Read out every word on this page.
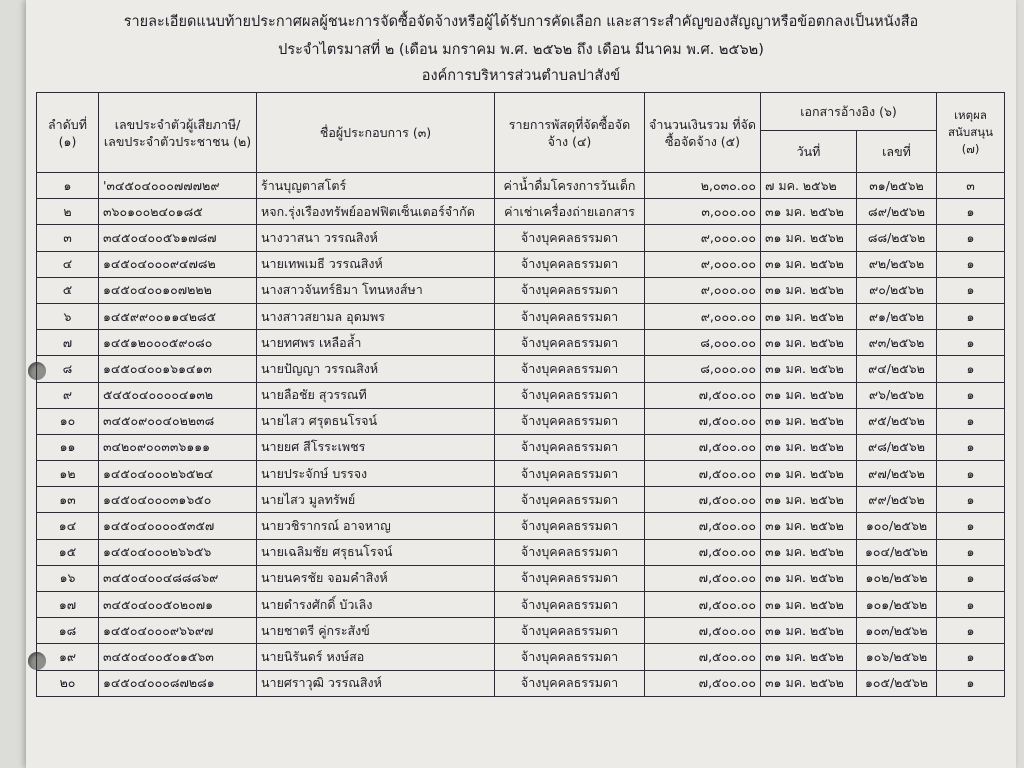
รายละเอียดแนบท้ายประกาศผลผู้ชนะการจัดซื้อจัดจ้างหรือผู้ได้รับการคัดเลือก และสาระสำคัญของสัญญาหรือข้อตกลงเป็นหนังสือ
ประจำไตรมาสที่ ๒ (เดือน มกราคม พ.ศ. ๒๕๖๒ ถึง เดือน มีนาคม พ.ศ. ๒๕๖๒)
องค์การบริหารส่วนตำบลปาสังข์
ลำดับที่ (๑)	เลขประจำตัวผู้เสียภาษี/ เลขประจำตัวประชาชน (๒)	ชื่อผู้ประกอบการ (๓)	รายการพัสดุที่จัดซื้อจัดจ้าง (๔)	จำนวนเงินรวม ที่จัดซื้อจัดจ้าง (๕)	เอกสารอ้างอิง (๖)		เหตุผล สนับสนุน (๗)
					วันที่	เลขที่	
๑	'๓๔๕๐๔๐๐๐๗๗๗๒๙	ร้านบุญตาสโตร์	ค่าน้ำดื่มโครงการวันเด็ก	๒,๐๓๐.๐๐	๗ มค. ๒๕๖๒	๓๑/๒๕๖๒	๓
๒	๓๖๐๑๐๐๒๔๐๑๘๕	หจก.รุ่งเรืองทรัพย์ออฟฟิตเซ็นเตอร์จำกัด	ค่าเช่าเครื่องถ่ายเอกสาร	๓,๐๐๐.๐๐	๓๑ มค. ๒๕๖๒	๘๙/๒๕๖๒	๑
๓	๓๔๕๐๔๐๐๕๖๑๗๘๗	นางวาสนา วรรณสิงห์	จ้างบุคคลธรรมดา	๙,๐๐๐.๐๐	๓๑ มค. ๒๕๖๒	๘๘/๒๕๖๒	๑
๔	๑๔๕๐๔๐๐๐๙๔๗๘๒	นายเทพเมธี วรรณสิงห์	จ้างบุคคลธรรมดา	๙,๐๐๐.๐๐	๓๑ มค. ๒๕๖๒	๙๒/๒๕๖๒	๑
๕	๑๔๕๐๔๐๐๑๐๗๒๒๒	นางสาวจันทร์ธิมา โทนหงส์ษา	จ้างบุคคลธรรมดา	๙,๐๐๐.๐๐	๓๑ มค. ๒๕๖๒	๙๐/๒๕๖๒	๑
๖	๑๔๕๙๙๐๐๑๑๔๒๘๕	นางสาวสยามล อุดมพร	จ้างบุคคลธรรมดา	๙,๐๐๐.๐๐	๓๑ มค. ๒๕๖๒	๙๑/๒๕๖๒	๑
๗	๑๔๕๑๒๐๐๐๕๙๐๘๐	นายทศพร เหลือล้ำ	จ้างบุคคลธรรมดา	๘,๐๐๐.๐๐	๓๑ มค. ๒๕๖๒	๙๓/๒๕๖๒	๑
๘	๑๔๕๐๔๐๐๑๖๑๔๑๓	นายปัญญา วรรณสิงห์	จ้างบุคคลธรรมดา	๘,๐๐๐.๐๐	๓๑ มค. ๒๕๖๒	๙๔/๒๕๖๒	๑
๙	๕๔๕๐๔๐๐๐๐๔๑๓๒	นายลือชัย สุวรรณที	จ้างบุคคลธรรมดา	๗,๕๐๐.๐๐	๓๑ มค. ๒๕๖๒	๙๖/๒๕๖๒	๑
๑๐	๓๔๕๐๙๐๐๔๐๒๒๓๘	นายไสว ศรุตธนโรจน์	จ้างบุคคลธรรมดา	๗,๕๐๐.๐๐	๓๑ มค. ๒๕๖๒	๙๕/๒๕๖๒	๑
๑๑	๓๔๒๐๙๐๐๓๓๖๑๑๑	นายยศ สีโรระเพชร	จ้างบุคคลธรรมดา	๗,๕๐๐.๐๐	๓๑ มค. ๒๕๖๒	๙๘/๒๕๖๒	๑
๑๒	๑๔๕๐๔๐๐๐๒๖๕๒๔	นายประจักษ์ บรรจง	จ้างบุคคลธรรมดา	๗,๕๐๐.๐๐	๓๑ มค. ๒๕๖๒	๙๗/๒๕๖๒	๑
๑๓	๑๔๕๐๔๐๐๐๓๑๖๕๐	นายไสว มูลทรัพย์	จ้างบุคคลธรรมดา	๗,๕๐๐.๐๐	๓๑ มค. ๒๕๖๒	๙๙/๒๕๖๒	๑
๑๔	๑๔๕๐๔๐๐๐๐๕๓๕๗	นายวชิรากรณ์ อาจหาญ	จ้างบุคคลธรรมดา	๗,๕๐๐.๐๐	๓๑ มค. ๒๕๖๒	๑๐๐/๒๕๖๒	๑
๑๕	๑๔๕๐๔๐๐๐๒๖๖๕๖	นายเฉลิมชัย ศรุธนโรจน์	จ้างบุคคลธรรมดา	๗,๕๐๐.๐๐	๓๑ มค. ๒๕๖๒	๑๐๔/๒๕๖๒	๑
๑๖	๓๔๕๐๔๐๐๔๘๘๘๖๙	นายนครชัย จอมคำสิงห์	จ้างบุคคลธรรมดา	๗,๕๐๐.๐๐	๓๑ มค. ๒๕๖๒	๑๐๒/๒๕๖๒	๑
๑๗	๓๔๕๐๔๐๐๕๐๒๐๗๑	นายดำรงศักดิ์ บัวเลิง	จ้างบุคคลธรรมดา	๗,๕๐๐.๐๐	๓๑ มค. ๒๕๖๒	๑๐๑/๒๕๖๒	๑
๑๘	๑๔๕๐๔๐๐๐๙๖๖๙๗	นายชาตรี คู่กระสังข์	จ้างบุคคลธรรมดา	๗,๕๐๐.๐๐	๓๑ มค. ๒๕๖๒	๑๐๓/๒๕๖๒	๑
๑๙	๓๔๕๐๔๐๐๕๐๑๕๖๓	นายนิรันดร์ หงษ์สอ	จ้างบุคคลธรรมดา	๗,๕๐๐.๐๐	๓๑ มค. ๒๕๖๒	๑๐๖/๒๕๖๒	๑
๒๐	๑๔๕๐๔๐๐๐๘๗๒๘๑	นายศราวุฒิ วรรณสิงห์	จ้างบุคคลธรรมดา	๗,๕๐๐.๐๐	๓๑ มค. ๒๕๖๒	๑๐๕/๒๕๖๒	๑
